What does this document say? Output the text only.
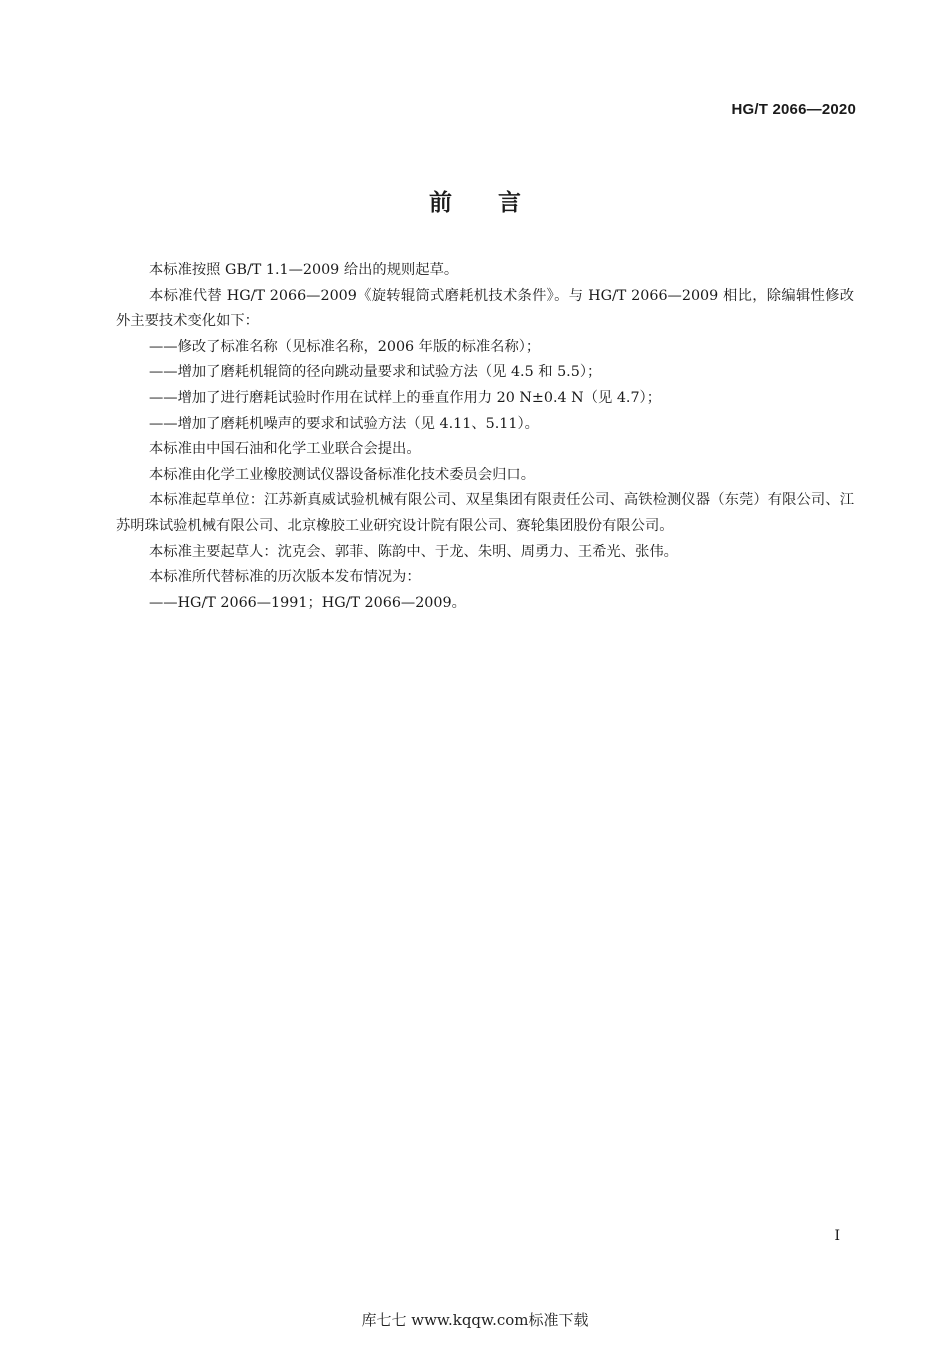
HG/T 2066—2020
前言

本标准按照 GB/T 1.1—2009 给出的规则起草。

本标准代替 HG/T 2066—2009《旋转辊筒式磨耗机技术条件》。与 HG/T 2066—2009 相比，除编辑性修改外主要技术变化如下：

——修改了标准名称（见标准名称，2006 年版的标准名称）；

——增加了磨耗机辊筒的径向跳动量要求和试验方法（见 4.5 和 5.5）；

——增加了进行磨耗试验时作用在试样上的垂直作用力 20 N±0.4 N（见 4.7）；

——增加了磨耗机噪声的要求和试验方法（见 4.11、5.11）。

本标准由中国石油和化学工业联合会提出。

本标准由化学工业橡胶测试仪器设备标准化技术委员会归口。

本标准起草单位：江苏新真威试验机械有限公司、双星集团有限责任公司、高铁检测仪器（东莞）有限公司、江苏明珠试验机械有限公司、北京橡胶工业研究设计院有限公司、赛轮集团股份有限公司。

本标准主要起草人：沈克会、郭菲、陈韵中、于龙、朱明、周勇力、王希光、张伟。

本标准所代替标准的历次版本发布情况为：

——HG/T 2066—1991；HG/T 2066—2009。

I
库七七 www.kqqw.com标准下载
